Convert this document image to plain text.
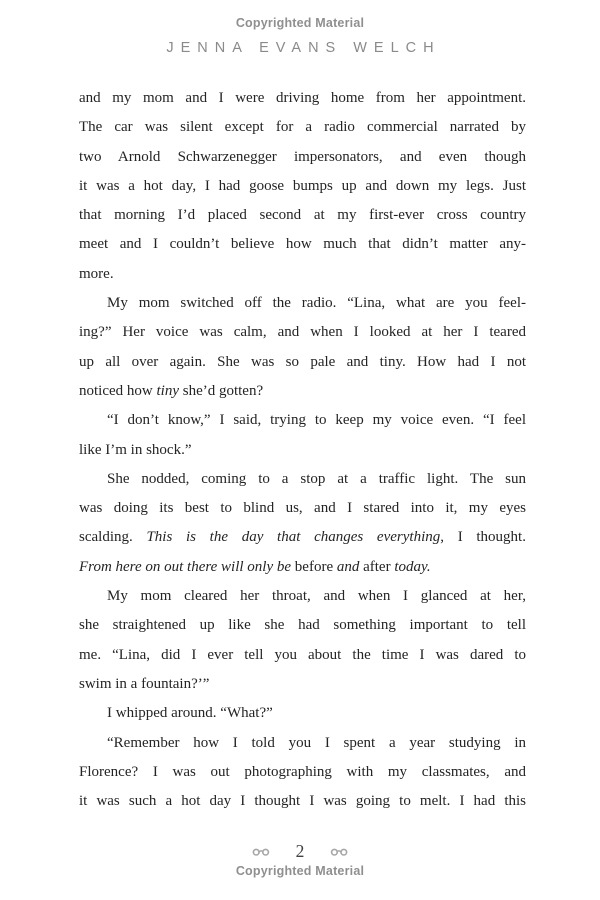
Copyrighted Material
JENNA EVANS WELCH
and my mom and I were driving home from her appointment.
The car was silent except for a radio commercial narrated by
two Arnold Schwarzenegger impersonators, and even though
it was a hot day, I had goose bumps up and down my legs. Just
that morning I’d placed second at my first-ever cross country
meet and I couldn’t believe how much that didn’t matter any-
more.
My mom switched off the radio. “Lina, what are you feel-
ing?” Her voice was calm, and when I looked at her I teared
up all over again. She was so pale and tiny. How had I not
noticed how tiny she’d gotten?
“I don’t know,” I said, trying to keep my voice even. “I feel
like I’m in shock.”
She nodded, coming to a stop at a traffic light. The sun
was doing its best to blind us, and I stared into it, my eyes
scalding. This is the day that changes everything, I thought.
From here on out there will only be before and after today.
My mom cleared her throat, and when I glanced at her,
she straightened up like she had something important to tell
me. “Lina, did I ever tell you about the time I was dared to
swim in a fountain?’”
I whipped around. “What?”
“Remember how I told you I spent a year studying in
Florence? I was out photographing with my classmates, and
it was such a hot day I thought I was going to melt. I had this
2
Copyrighted Material
